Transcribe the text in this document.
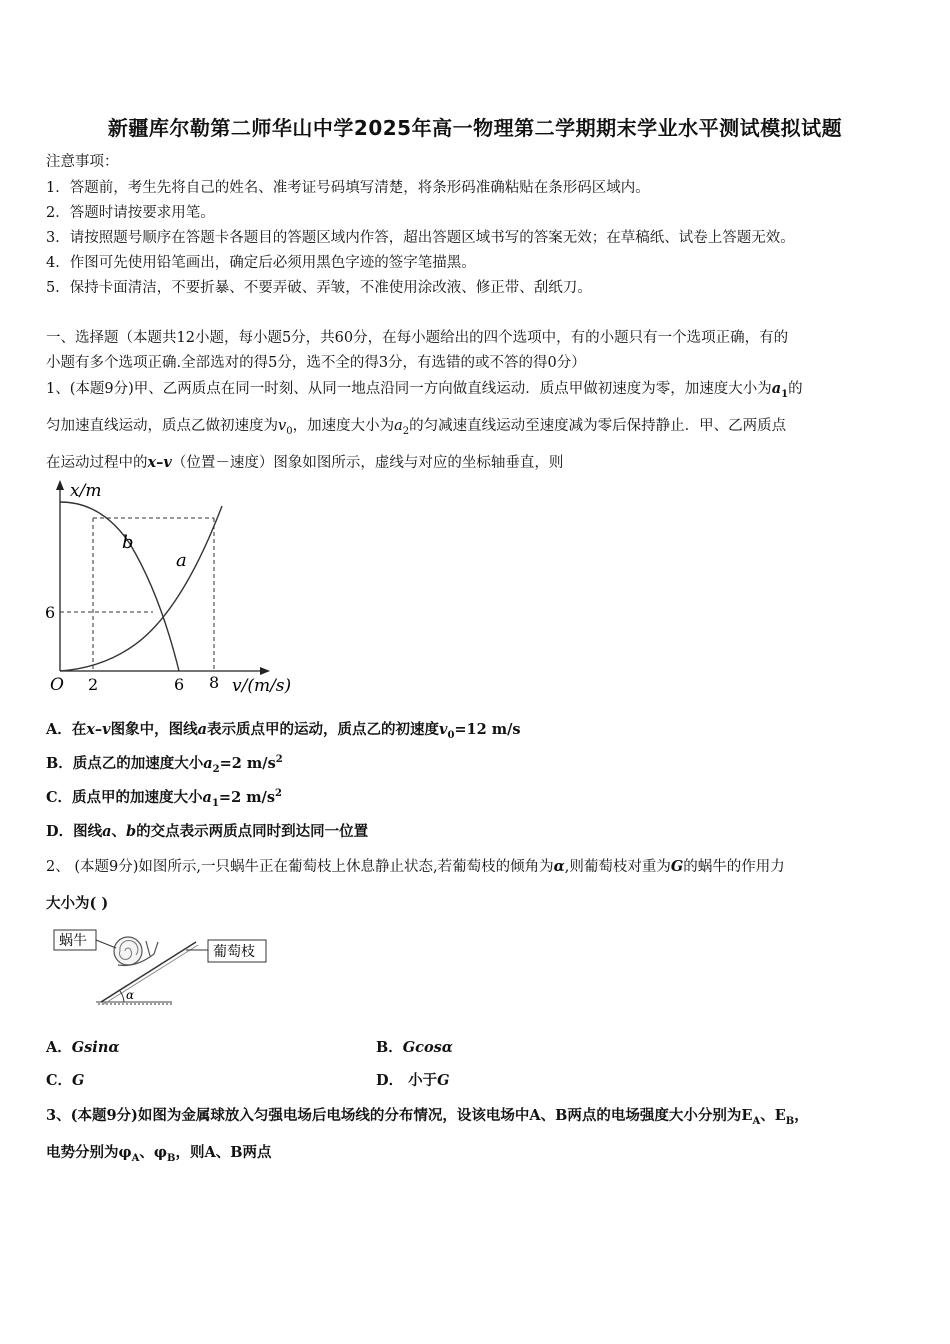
新疆库尔勒第二师华山中学2025年高一物理第二学期期末学业水平测试模拟试题
注意事项：
1．答题前，考生先将自己的姓名、准考证号码填写清楚，将条形码准确粘贴在条形码区域内。
2．答题时请按要求用笔。
3．请按照题号顺序在答题卡各题目的答题区域内作答，超出答题区域书写的答案无效；在草稿纸、试卷上答题无效。
4．作图可先使用铅笔画出，确定后必须用黑色字迹的签字笔描黑。
5．保持卡面清洁，不要折暴、不要弄破、弄皱，不准使用涂改液、修正带、刮纸刀。
一、选择题（本题共12小题，每小题5分，共60分，在每小题给出的四个选项中，有的小题只有一个选项正确，有的
小题有多个选项正确.全部选对的得5分，选不全的得3分，有选错的或不答的得0分）
1、(本题9分)甲、乙两质点在同一时刻、从同一地点沿同一方向做直线运动．质点甲做初速度为零，加速度大小为$a_1$的
匀加速直线运动，质点乙做初速度为$v_0$，加速度大小为$a_2$的匀减速直线运动至速度减为零后保持静止．甲、乙两质点
在运动过程中的x–v（位置－速度）图象如图所示，虚线与对应的坐标轴垂直，则
x/m
v/(m/s)
O 2	6 8
6
b
a
A．在x–v图象中，图线a表示质点甲的运动，质点乙的初速度$v_0=12$ m/s
B．质点乙的加速度大小$a_2=2$ $m/s^2$
C．质点甲的加速度大小$a_1=2$ $m/s^2$
D．图线a、b的交点表示两质点同时到达同一位置
2、 (本题9分)如图所示,一只蜗牛正在葡萄枝上休息静止状态,若葡萄枝的倾角为α,则葡萄枝对重为G的蜗牛的作用力
大小为( )
α
蜗牛
葡萄枝
A．Gsinα	B．Gcosα
C．G	D． 小于G
3、(本题9分)如图为金属球放入匀强电场后电场线的分布情况，设该电场中A、B两点的电场强度大小分别为$E_A$、$E_B$，
电势分别为$\varphi_A$、$\varphi_B$，则A、B两点
